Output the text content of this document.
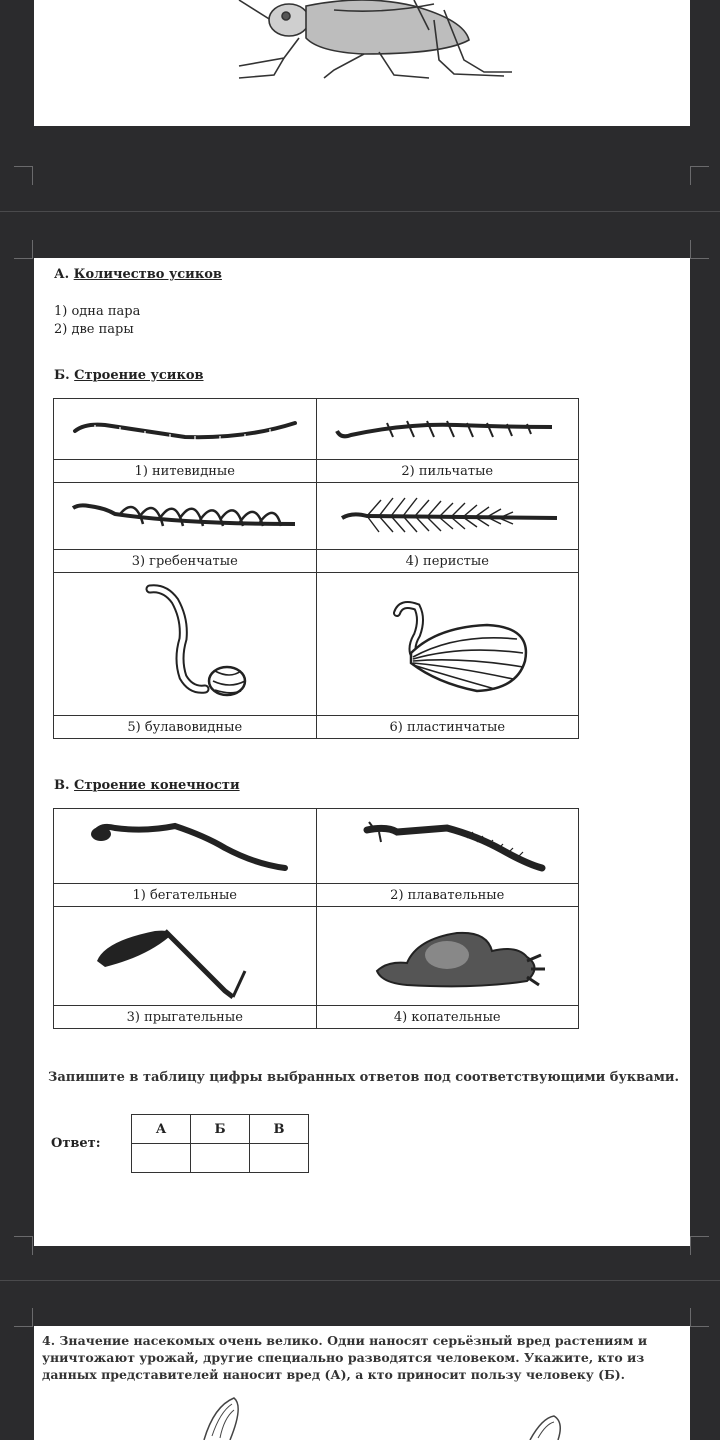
А. Количество усиков
1) одна пара
2) две пары
Б. Строение усиков

1) нитевидные	2) пильчатые

3) гребенчатые	4) перистые

5) булавовидные	6) пластинчатые
В. Строение конечности

1) бегательные	2) плавательные

3) прыгательные	4) копательные
Запишите в таблицу цифры выбранных ответов под соответствующими буквами.
Ответ:
А	Б	В

4. Значение насекомых очень велико. Одни наносят серьёзный вред растениям и уничтожают урожай, другие специально разводятся человеком. Укажите, кто из данных представителей наносит вред (А), а кто приносит пользу человеку (Б).
